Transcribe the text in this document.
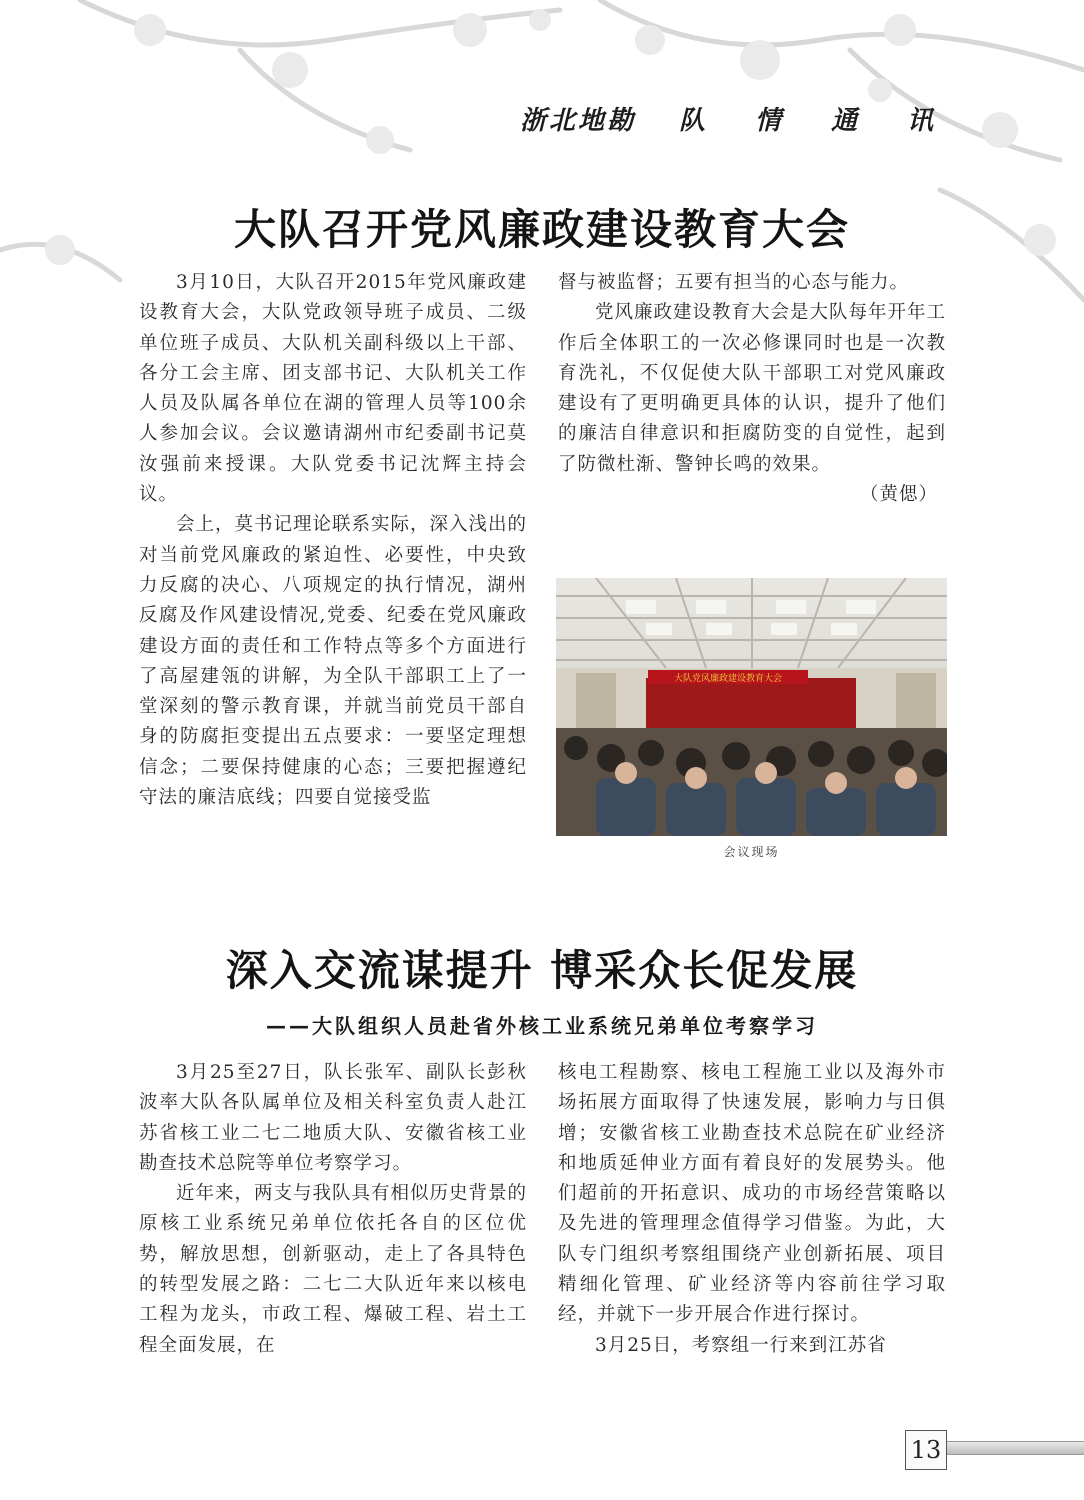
浙北地勘 队 情 通 讯
大队召开党风廉政建设教育大会

3月10日，大队召开2015年党风廉政建设教育大会，大队党政领导班子成员、二级单位班子成员、大队机关副科级以上干部、各分工会主席、团支部书记、大队机关工作人员及队属各单位在湖的管理人员等100余人参加会议。会议邀请湖州市纪委副书记莫汝强前来授课。大队党委书记沈辉主持会议。

会上，莫书记理论联系实际，深入浅出的对当前党风廉政的紧迫性、必要性，中央致力反腐的决心、八项规定的执行情况，湖州反腐及作风建设情况,党委、纪委在党风廉政建设方面的责任和工作特点等多个方面进行了高屋建瓴的讲解，为全队干部职工上了一堂深刻的警示教育课，并就当前党员干部自身的防腐拒变提出五点要求：一要坚定理想信念；二要保持健康的心态；三要把握遵纪守法的廉洁底线；四要自觉接受监

督与被监督；五要有担当的心态与能力。

党风廉政建设教育大会是大队每年开年工作后全体职工的一次必修课同时也是一次教育洗礼，不仅促使大队干部职工对党风廉政建设有了更明确更具体的认识，提升了他们的廉洁自律意识和拒腐防变的自觉性，起到了防微杜渐、警钟长鸣的效果。

（黄偲）

大队党风廉政建设教育大会
会议现场
深入交流谋提升 博采众长促发展
——大队组织人员赴省外核工业系统兄弟单位考察学习

3月25至27日，队长张军、副队长彭秋波率大队各队属单位及相关科室负责人赴江苏省核工业二七二地质大队、安徽省核工业勘查技术总院等单位考察学习。

近年来，两支与我队具有相似历史背景的原核工业系统兄弟单位依托各自的区位优势，解放思想，创新驱动，走上了各具特色的转型发展之路：二七二大队近年来以核电工程为龙头，市政工程、爆破工程、岩土工程全面发展，在

核电工程勘察、核电工程施工业以及海外市场拓展方面取得了快速发展，影响力与日俱增；安徽省核工业勘查技术总院在矿业经济和地质延伸业方面有着良好的发展势头。他们超前的开拓意识、成功的市场经营策略以及先进的管理理念值得学习借鉴。为此，大队专门组织考察组围绕产业创新拓展、项目精细化管理、矿业经济等内容前往学习取经，并就下一步开展合作进行探讨。

3月25日，考察组一行来到江苏省

13
